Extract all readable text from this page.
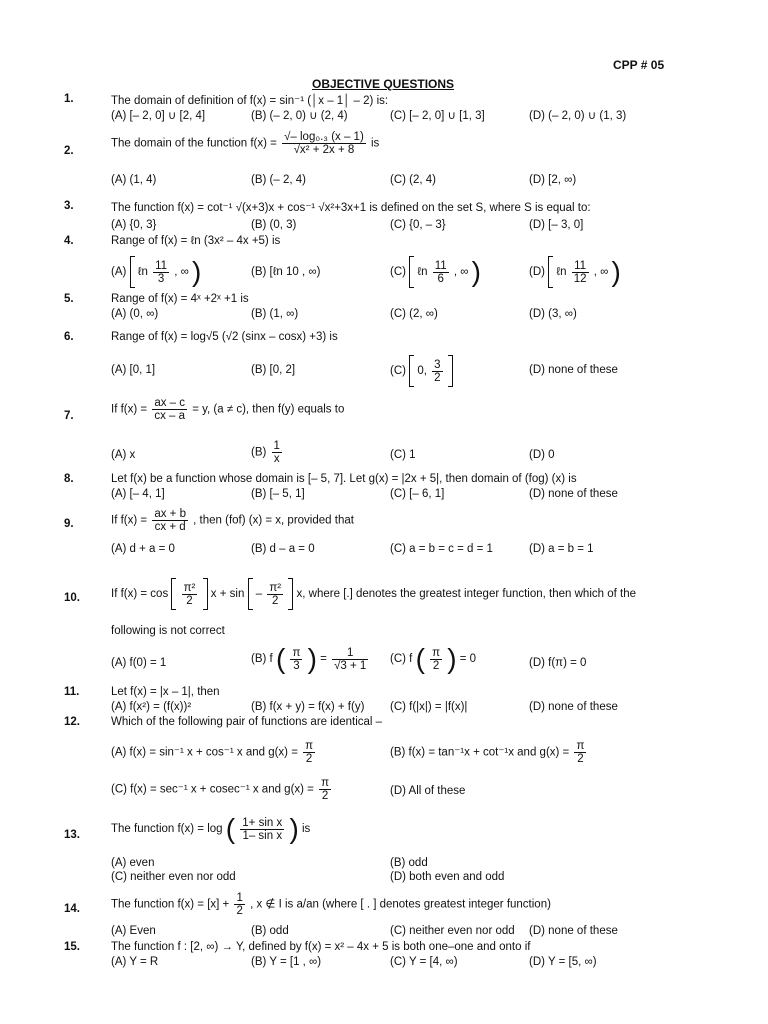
CPP # 05
OBJECTIVE QUESTIONS
1.	The domain of definition of f(x) = sin⁻¹ (│x – 1│ – 2) is:
(A) [– 2, 0] ∪ [2, 4]	(B) (– 2, 0) ∪ (2, 4)	(C) [– 2, 0] ∪ [1, 3]	(D) (– 2, 0) ∪ (1, 3)
2.
The domain of the function $f(x) = \frac{\text{√– log₀.₃ (x – 1)}}{\text{√x² + 2x + 8}}$ is
(A) (1, 4)	(B) (– 2, 4)	(C) (2, 4)	(D) [2, ∞)
3.	The function f(x) = cot⁻¹ √(x+3)x + cos⁻¹ √x²+3x+1 is defined on the set S, where S is equal to:
(A) {0, 3}	(B) (0, 3)	(C) {0, – 3}	(D) [– 3, 0]
4.	Range of f(x) = ℓn (3x² – 4x +5) is
(A) ℓn $\frac{11}{3}$ , ∞ )	(B) [ℓn 10 , ∞)	(C) ℓn $\frac{11}{6}$ , ∞ )	(D) ℓn $\frac{11}{12}$ , ∞ )
5.	Range of f(x) = 4ˣ +2ˣ +1 is
(A) (0, ∞)	(B) (1, ∞)	(C) (2, ∞)	(D) (3, ∞)
6.	Range of f(x) = log√5 (√2 (sinx – cosx) +3) is
(A) [0, 1]	(B) [0, 2]	(C) 0, $\frac{3}{2}$
	(D) none of these
7.
If $f(x) = \frac{ax - c}{cx - a} = y$, (a ≠ c), then f(y) equals to
(A) x	$(B) \frac{1}{x}$	(C) 1	(D) 0
8.	Let f(x) be a function whose domain is [– 5, 7]. Let g(x) = |2x + 5|, then domain of (fog) (x) is
(A) [– 4, 1]	(B) [– 5, 1]	(C) [– 6, 1]	(D) none of these
9.	If $f(x) = \frac{ax + b}{cx + d}$ , then (fof) (x) = x, provided that
(A) d + a = 0	(B) d – a = 0	(C) a = b = c = d = 1	(D) a = b = 1
10.	If $f(x) = \cos \frac{\text{π²}}{2}$ $x + \sin - \frac{\text{π²}}{2} x$, where [.] denotes the greatest integer function, then which of the
following is not correct
(A) f(0) = 1	(B) f ( $\frac{\pi}{3}$ ) = $\frac{1}{√3 + 1} (C)$ f ( $\frac{\pi}{2}$ ) = 0	(D) f(π) = 0
11.	Let f(x) = |x – 1|, then
(A) f(x²) = (f(x))²	(B) f(x + y) = f(x) + f(y) (C) f(|x|) = |f(x)|	(D) none of these
12.	Which of the following pair of functions are identical –
(A) f(x) = sin⁻¹ x + cos⁻¹ x and $g(x) = \frac{\pi}{2}$	(B) f(x) = tan⁻¹x + cot⁻¹x and $g(x) = \frac{\pi}{2}$
(C) f(x) = sec⁻¹ x + cosec⁻¹ x and $g(x) = \frac{\pi}{2}$	(D) All of these
13.	The function f(x) = log ( $\frac{\text{1+ sin x}}{\text{1– sin x}}$ ) is
(A) even	(B) odd
(C) neither even nor odd	(D) both even and odd
14.	The function $f(x) = [x] + \frac{1}{2}$ , x ∉ I is a/an (where [ . ] denotes greatest integer function)
(A) Even	(B) odd	(C) neither even nor odd (D) none of these
15.	The function f : [2, ∞) → Y, defined by f(x) = x² – 4x + 5 is both one–one and onto if
(A) Y = R	(B) Y = [1 , ∞)	(C) Y = [4, ∞)	(D) Y = [5, ∞)
